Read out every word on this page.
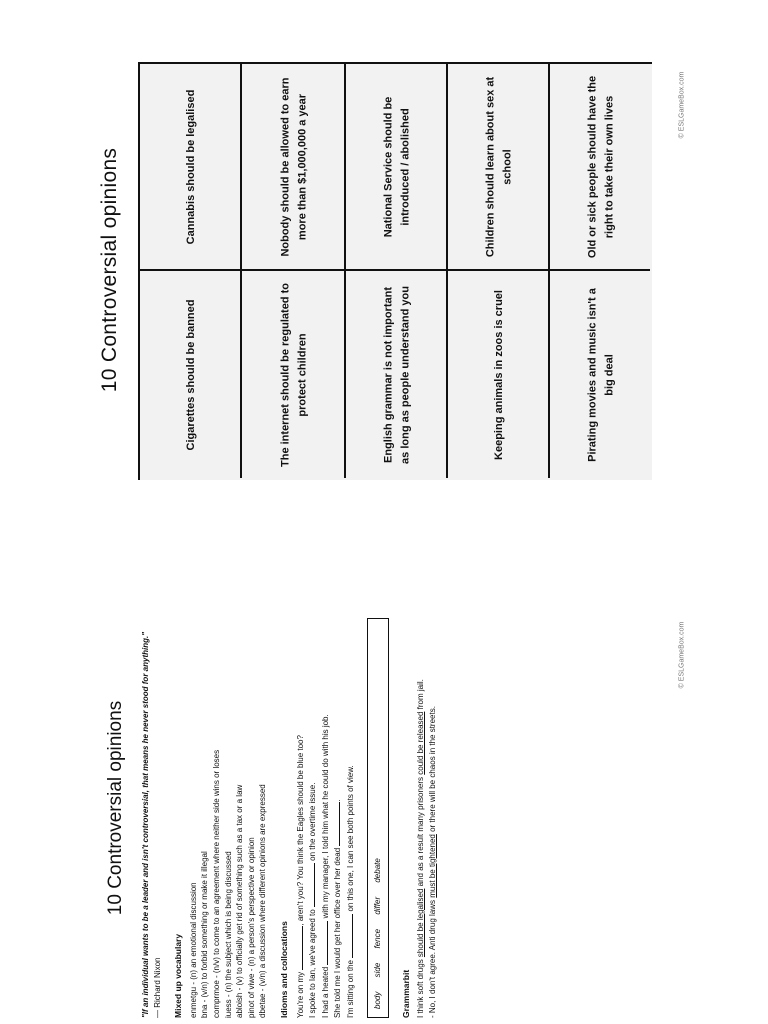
10 Controversial opinions	Cigarettes should be banned	The internet should be regulated to protect children	English grammar is not important as long as people understand you	Keeping animals in zoos is cruel	Pirating movies and music isn't a big deal
Cannabis should be legalised	Nobody should be allowed to earn more than $1,000,000 a year	National Service should be introduced / abolished	Children should learn about sex at school	Old or sick people should have the right to take their own lives	© ESLGameBox.com
10 Controversial opinions "If an individual wants to be a leader and isn't controversial, that means he never stood for anything." — Richard Nixon Mixed up vocabulary enmetgu - (n) an emotional discussion bna - (v/n) to forbid something or make it illegal comprmoe - (n/v) to come to an agreement where neither side wins or loses iuess - (n) the subject which is being discussed abloish - (v) to officially get rid of something such as a tax or a law pinot of viwe - (n) a person's perspective or opinion dbetae - (v/n) a discussion where different opinions are expressed Idioms and collocations You're on my , aren't you? You think the Eagles should be blue too?

I spoke to Ian, we've agreed to  on the overtime issue.

I had a heated  with my manager, I told him what he could do with his job.

She told me I would get her office over her dead .

I'm sitting on the  on this one, I can see both points of view.

body side fence differ debate
Grammarbit I think soft drugs should be legalised and as a result many prisoners could be released from jail.

- No, I don't agree. Anti drug laws must be tightened or there will be chaos in the streets.

© ESLGameBox.com
